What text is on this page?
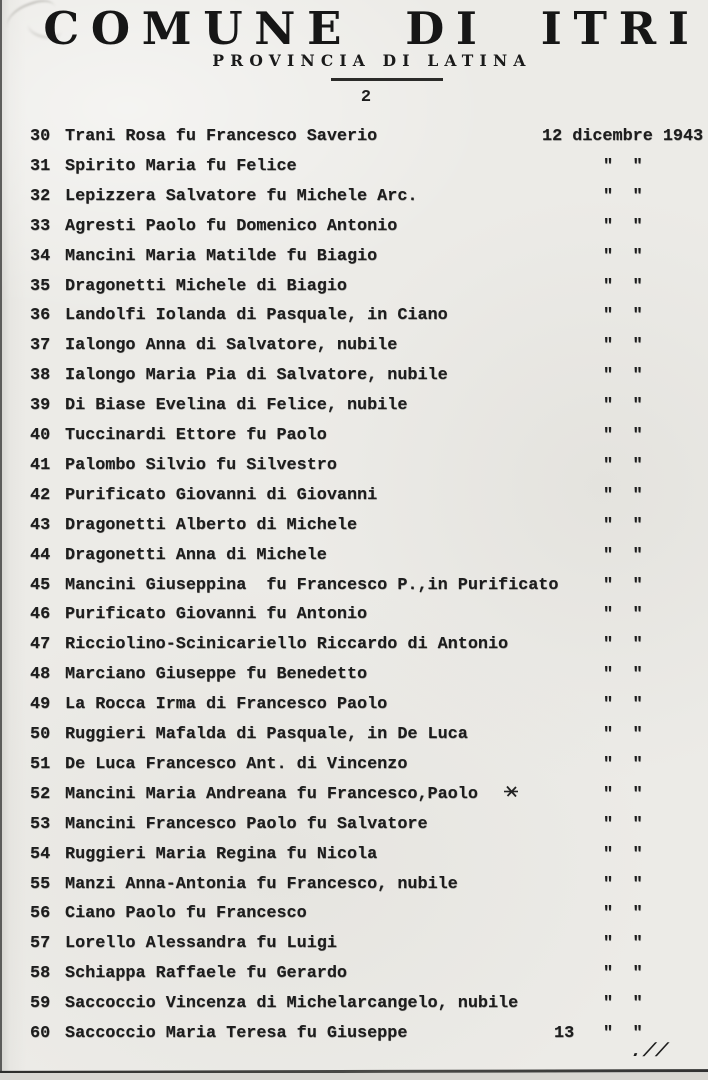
COMUNE DI ITRI
PROVINCIA DI LATINA
2
30 Trani Rosa fu Francesco Saverio	12 dicembre 1943
31 Spirito Maria fu Felice	" "
32 Lepizzera Salvatore fu Michele Arc.	" "
33 Agresti Paolo fu Domenico Antonio	" "
34 Mancini Maria Matilde fu Biagio	" "
35 Dragonetti Michele di Biagio	" "
36 Landolfi Iolanda di Pasquale, in Ciano	" "
37 Ialongo Anna di Salvatore, nubile	" "
38 Ialongo Maria Pia di Salvatore, nubile	" "
39 Di Biase Evelina di Felice, nubile	" "
40 Tuccinardi Ettore fu Paolo	" "
41 Palombo Silvio fu Silvestro	" "
42 Purificato Giovanni di Giovanni	" "
43 Dragonetti Alberto di Michele	" "
44 Dragonetti Anna di Michele	" "
45 Mancini Giuseppina  fu Francesco P.,in Purificato	" "
46 Purificato Giovanni fu Antonio	" "
47 Ricciolino-Scinicariello Riccardo di Antonio	" "
48 Marciano Giuseppe fu Benedetto	" "
49 La Rocca Irma di Francesco Paolo	" "
50 Ruggieri Mafalda di Pasquale, in De Luca	" "
51 De Luca Francesco Ant. di Vincenzo	" "
52 Mancini Maria Andreana fu Francesco,Paolo	" "
53 Mancini Francesco Paolo fu Salvatore	" "
54 Ruggieri Maria Regina fu Nicola	" "
55 Manzi Anna-Antonia fu Francesco, nubile	" "
56 Ciano Paolo fu Francesco	" "
57 Lorello Alessandra fu Luigi	" "
58 Schiappa Raffaele fu Gerardo	" "
59 Saccoccio Vincenza di Michelarcangelo, nubile	" "
60 Saccoccio Maria Teresa fu Giuseppe	13 " "
.//
